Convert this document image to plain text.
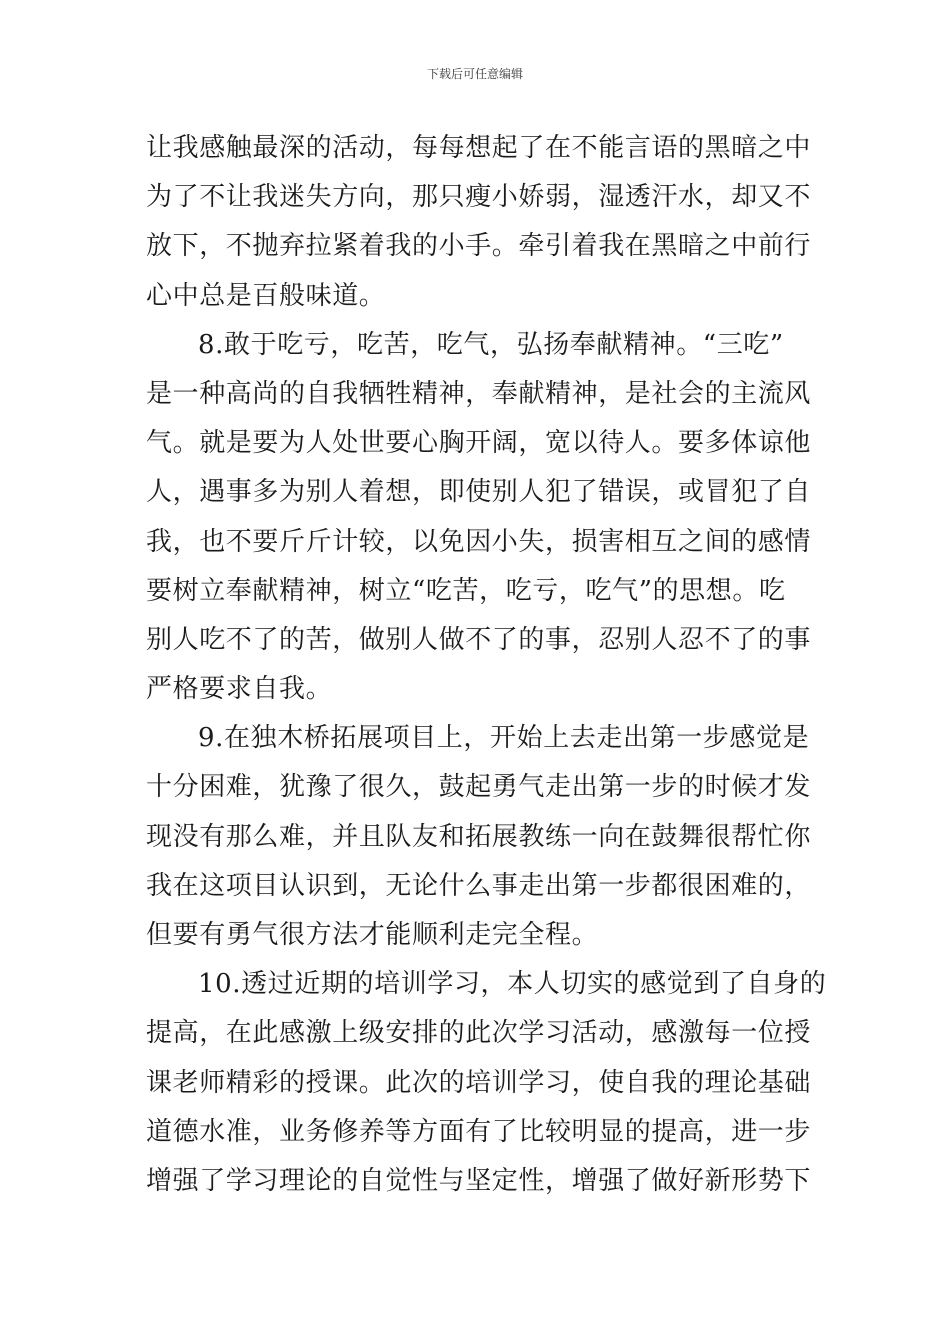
下载后可任意编辑
让我感触最深的活动，每每想起了在不能言语的黑暗之中
为了不让我迷失方向，那只瘦小娇弱，湿透汗水，却又不
放下，不抛弃拉紧着我的小手。牵引着我在黑暗之中前行
心中总是百般味道。
8.敢于吃亏，吃苦，吃气，弘扬奉献精神。“三吃”
是一种高尚的自我牺牲精神，奉献精神，是社会的主流风
气。就是要为人处世要心胸开阔，宽以待人。要多体谅他
人，遇事多为别人着想，即使别人犯了错误，或冒犯了自
我，也不要斤斤计较，以免因小失，损害相互之间的感情
要树立奉献精神，树立“吃苦，吃亏，吃气”的思想。吃
别人吃不了的苦，做别人做不了的事，忍别人忍不了的事
严格要求自我。
9.在独木桥拓展项目上，开始上去走出第一步感觉是
十分困难，犹豫了很久，鼓起勇气走出第一步的时候才发
现没有那么难，并且队友和拓展教练一向在鼓舞很帮忙你
我在这项目认识到，无论什么事走出第一步都很困难的，
但要有勇气很方法才能顺利走完全程。
10.透过近期的培训学习，本人切实的感觉到了自身的
提高，在此感激上级安排的此次学习活动，感激每一位授
课老师精彩的授课。此次的培训学习，使自我的理论基础
道德水准，业务修养等方面有了比较明显的提高，进一步
增强了学习理论的自觉性与坚定性，增强了做好新形势下
